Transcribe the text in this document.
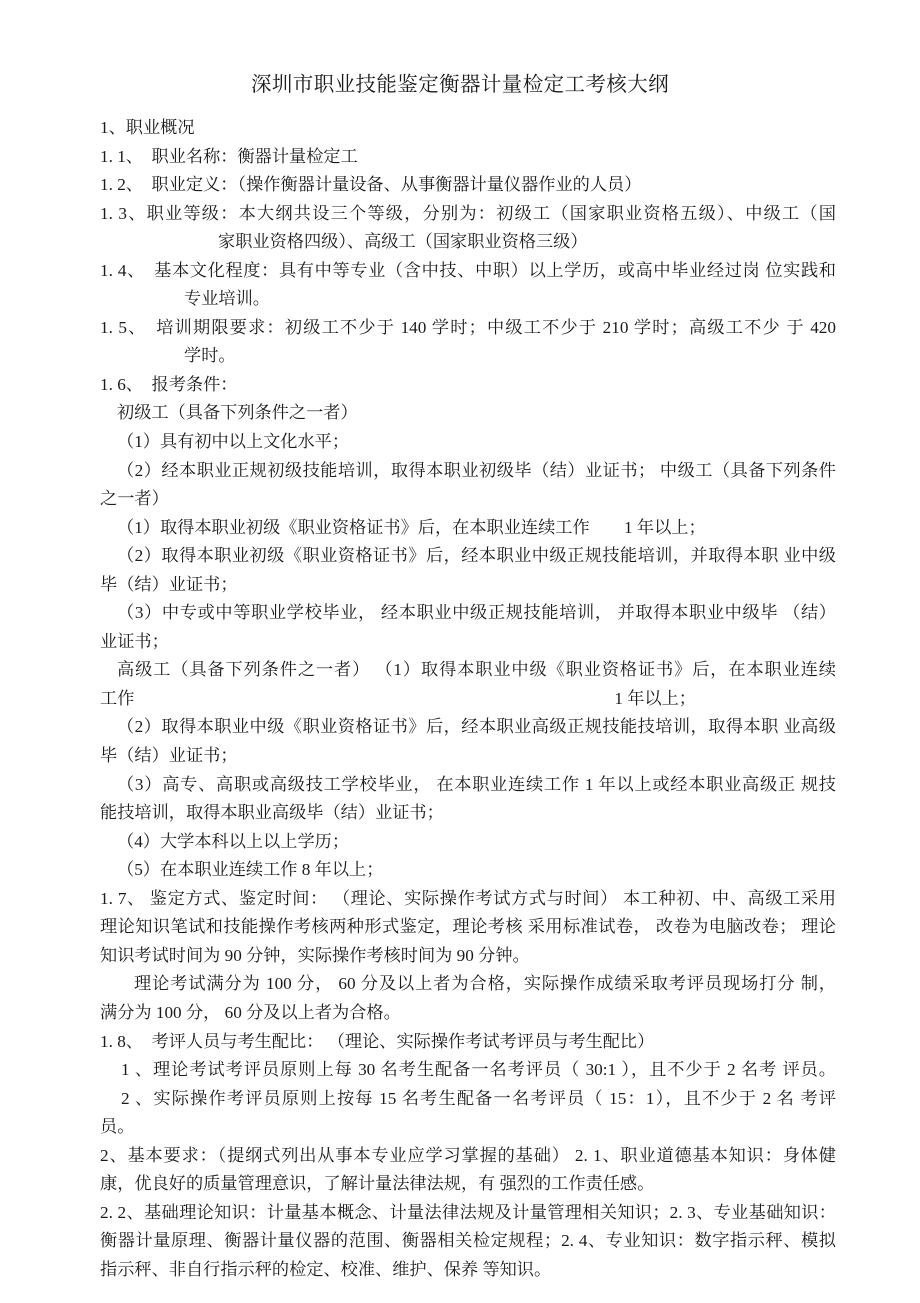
深圳市职业技能鉴定衡器计量检定工考核大纲

1、职业概况

1. 1、　职业名称：衡器计量检定工

1. 2、　职业定义：（操作衡器计量设备、从事衡器计量仪器作业的人员）

1. 3、职业等级：本大纲共设三个等级，分别为：初级工（国家职业资格五级）、中级工（国

家职业资格四级）、高级工（国家职业资格三级）

1. 4、　基本文化程度：具有中等专业（含中技、中职）以上学历，或高中毕业经过岗 位实践和

专业培训。

1. 5、　培训期限要求：初级工不少于 140 学时；中级工不少于 210 学时；高级工不少 于 420

学时。

1. 6、　报考条件：

初级工（具备下列条件之一者）

（1）具有初中以上文化水平；

（2）经本职业正规初级技能培训，取得本职业初级毕（结）业证书； 中级工（具备下列条件

之一者）

（1）取得本职业初级《职业资格证书》后，在本职业连续工作　　1 年以上；

（2）取得本职业初级《职业资格证书》后，经本职业中级正规技能培训，并取得本职 业中级

毕（结）业证书；

（3）中专或中等职业学校毕业， 经本职业中级正规技能培训， 并取得本职业中级毕 （结）

业证书；

高级工（具备下列条件之一者） （1）取得本职业中级《职业资格证书》后，在本职业连续

工作	1 年以上；

（2）取得本职业中级《职业资格证书》后，经本职业高级正规技能技培训，取得本职 业高级

毕（结）业证书；

（3）高专、高职或高级技工学校毕业， 在本职业连续工作 1 年以上或经本职业高级正 规技

能技培训，取得本职业高级毕（结）业证书；

（4）大学本科以上以上学历；

（5）在本职业连续工作 8 年以上；

1. 7、 鉴定方式、鉴定时间： （理论、实际操作考试方式与时间） 本工种初、中、高级工采用

理论知识笔试和技能操作考核两种形式鉴定，理论考核 采用标准试卷， 改卷为电脑改卷； 理论

知识考试时间为 90 分钟，实际操作考核时间为 90 分钟。

理论考试满分为 100 分， 60 分及以上者为合格，实际操作成绩采取考评员现场打分 制，

满分为 100 分， 60 分及以上者为合格。

1. 8、　考评人员与考生配比： （理论、实际操作考试考评员与考生配比）

1 、理论考试考评员原则上每 30 名考生配备一名考评员（ 30:1 ），且不少于 2 名考 评员。

2 、实际操作考评员原则上按每 15 名考生配备一名考评员（ 15：1），且不少于 2 名 考评

员。

2、基本要求：（提纲式列出从事本专业应学习掌握的基础） 2. 1、职业道德基本知识：身体健

康，优良好的质量管理意识，了解计量法律法规，有 强烈的工作责任感。

2. 2、基础理论知识：计量基本概念、计量法律法规及计量管理相关知识；2. 3、专业基础知识：

衡器计量原理、衡器计量仪器的范围、衡器相关检定规程；2. 4、专业知识：数字指示秤、模拟

指示秤、非自行指示秤的检定、校准、维护、保养 等知识。
